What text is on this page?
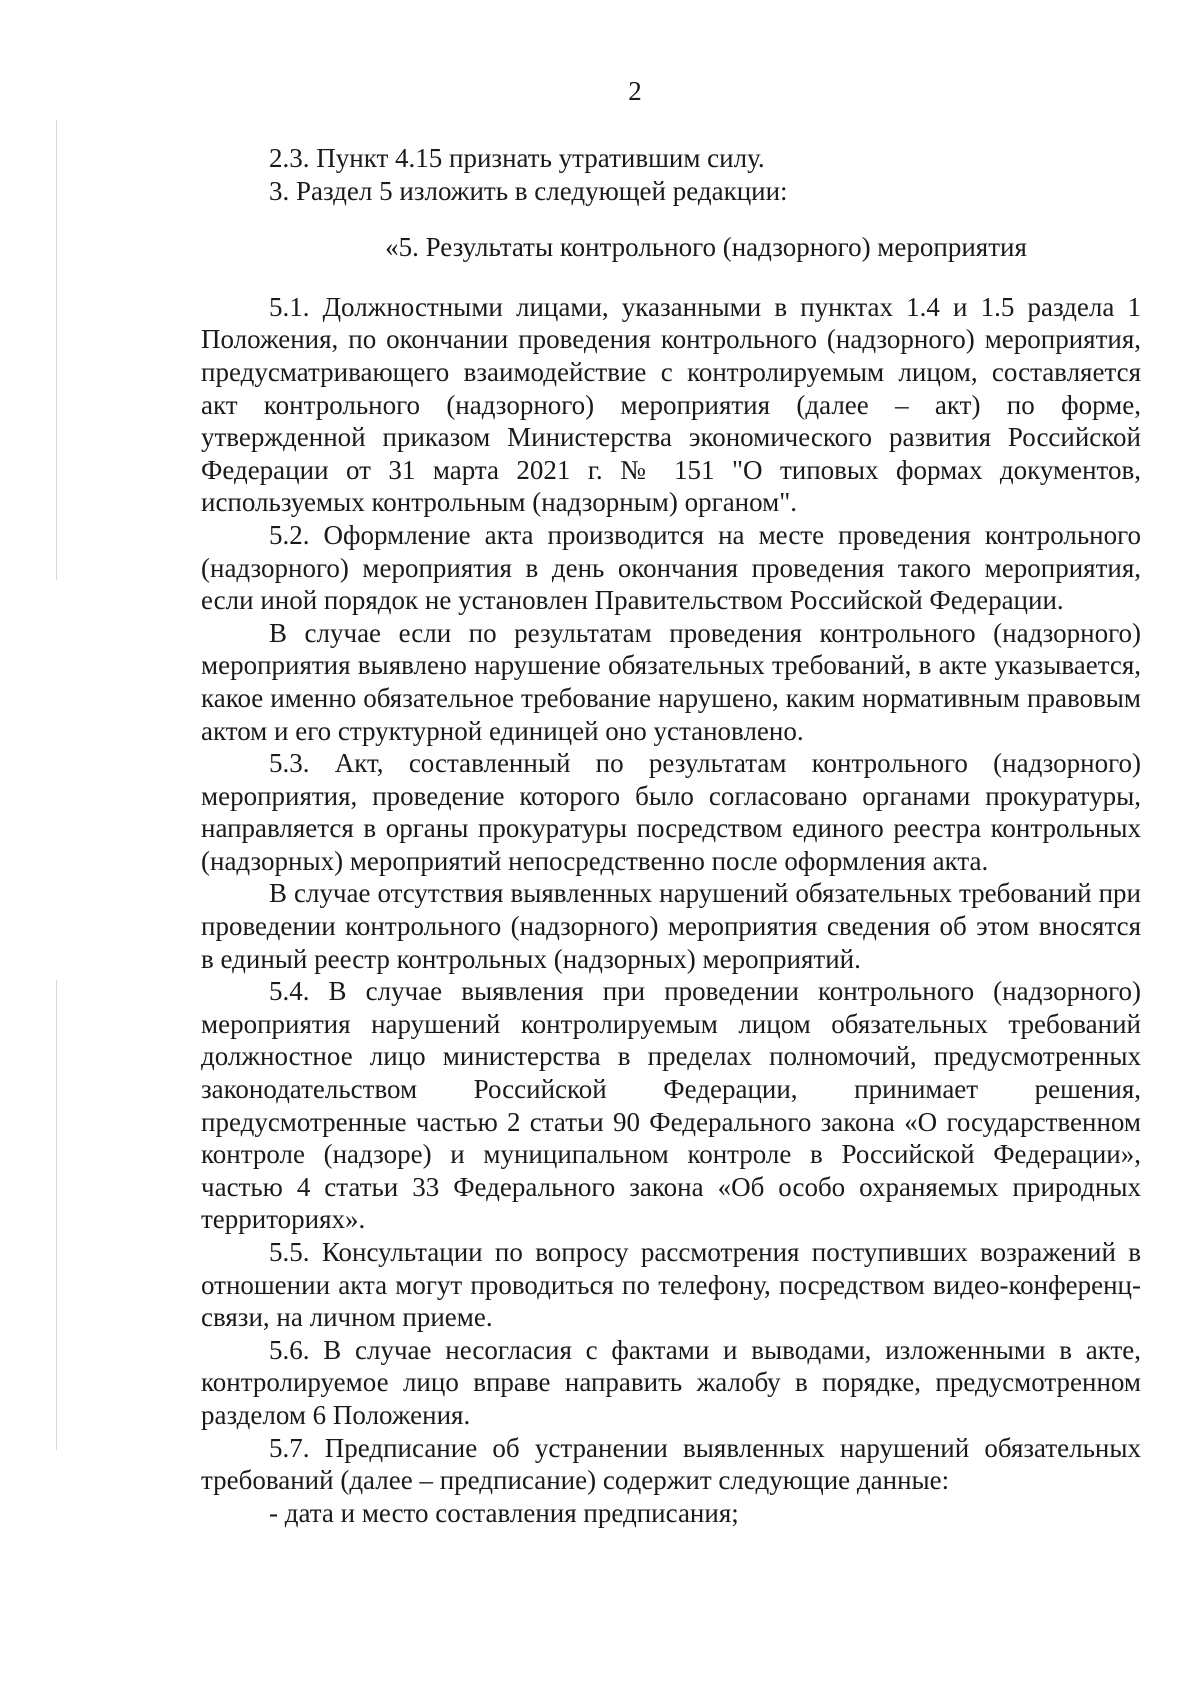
2

2.3. Пункт 4.15 признать утратившим силу.

3. Раздел 5 изложить в следующей редакции:

«5. Результаты контрольного (надзорного) мероприятия

5.1. Должностными лицами, указанными в пунктах 1.4 и 1.5 раздела 1 Положения, по окончании проведения контрольного (надзорного) мероприятия, предусматривающего взаимодействие с контролируемым лицом, составляется акт контрольного (надзорного) мероприятия (далее – акт) по форме, утвержденной приказом Министерства экономического развития Российской Федерации от 31 марта 2021 г. № 151 "О типовых формах документов, используемых контрольным (надзорным) органом".

5.2. Оформление акта производится на месте проведения контрольного (надзорного) мероприятия в день окончания проведения такого мероприятия, если иной порядок не установлен Правительством Российской Федерации.

В случае если по результатам проведения контрольного (надзорного) мероприятия выявлено нарушение обязательных требований, в акте указывается, какое именно обязательное требование нарушено, каким нормативным правовым актом и его структурной единицей оно установлено.

5.3. Акт, составленный по результатам контрольного (надзорного) мероприятия, проведение которого было согласовано органами прокуратуры, направляется в органы прокуратуры посредством единого реестра контрольных (надзорных) мероприятий непосредственно после оформления акта.

В случае отсутствия выявленных нарушений обязательных требований при проведении контрольного (надзорного) мероприятия сведения об этом вносятся в единый реестр контрольных (надзорных) мероприятий.

5.4. В случае выявления при проведении контрольного (надзорного) мероприятия нарушений контролируемым лицом обязательных требований должностное лицо министерства в пределах полномочий, предусмотренных законодательством Российской Федерации, принимает решения, предусмотренные частью 2 статьи 90 Федерального закона «О государственном контроле (надзоре) и муниципальном контроле в Российской Федерации», частью 4 статьи 33 Федерального закона «Об особо охраняемых природных территориях».

5.5. Консультации по вопросу рассмотрения поступивших возражений в отношении акта могут проводиться по телефону, посредством видео-конференц-связи, на личном приеме.

5.6. В случае несогласия с фактами и выводами, изложенными в акте, контролируемое лицо вправе направить жалобу в порядке, предусмотренном разделом 6 Положения.

5.7. Предписание об устранении выявленных нарушений обязательных требований (далее – предписание) содержит следующие данные:

- дата и место составления предписания;
